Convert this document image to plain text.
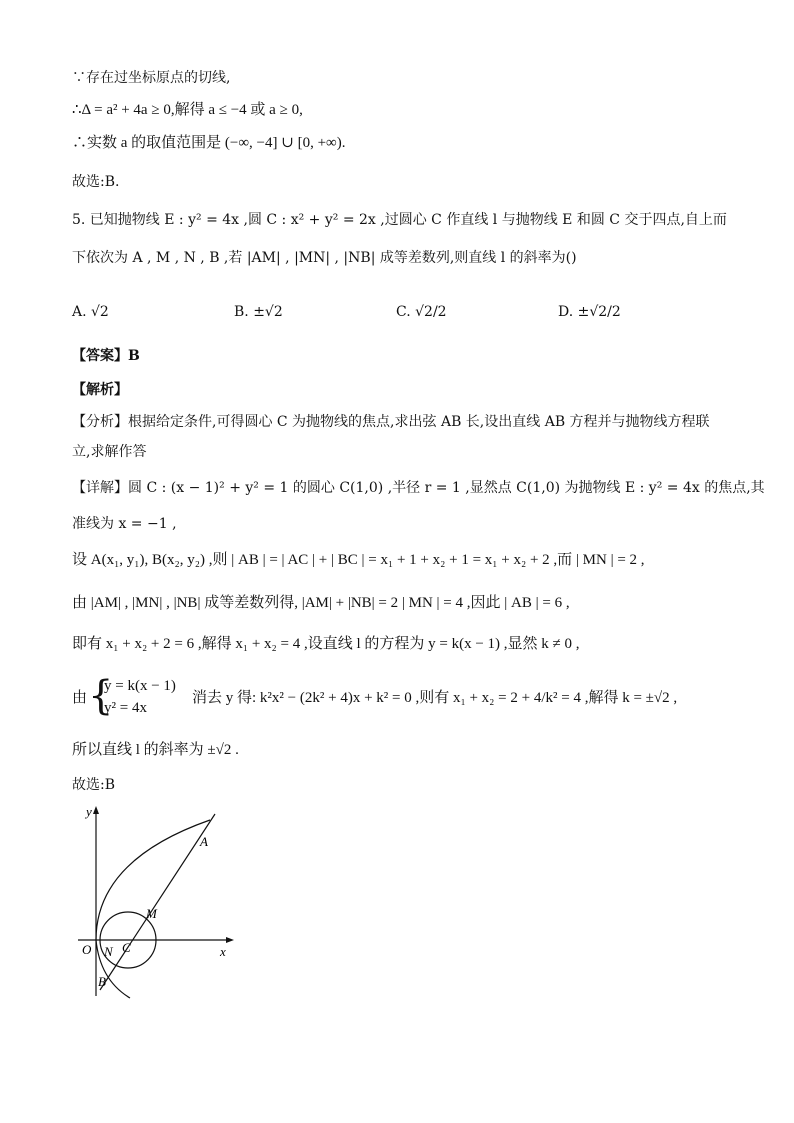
∵存在过坐标原点的切线,
∴Δ = a² + 4a ≥ 0,解得 a ≤ −4 或 a ≥ 0,
∴实数 a 的取值范围是 (−∞, −4] ∪ [0, +∞).
故选:B.
5. 已知抛物线 E : y² = 4x ,圆 C : x² + y² = 2x ,过圆心 C 作直线 l 与抛物线 E 和圆 C 交于四点,自上而
下依次为 A , M , N , B ,若 |AM| , |MN| , |NB| 成等差数列,则直线 l 的斜率为()
A. √2	B. ±√2	C. √2/2	D. ±√2/2
【答案】B
【解析】
【分析】根据给定条件,可得圆心 C 为抛物线的焦点,求出弦 AB 长,设出直线 AB 方程并与抛物线方程联
立,求解作答
【详解】圆 C : (x − 1)² + y² = 1 的圆心 C(1,0) ,半径 r = 1 ,显然点 C(1,0) 为抛物线 E : y² = 4x 的焦点,其
准线为 x = −1 ,
设 A(x₁, y₁), B(x₂, y₂) ,则 | AB | = | AC | + | BC | = x₁ + 1 + x₂ + 1 = x₁ + x₂ + 2 ,而 | MN | = 2 ,
由 |AM| , |MN| , |NB| 成等差数列得, |AM| + |NB| = 2 | MN | = 4 ,因此 | AB | = 6 ,
即有 x₁ + x₂ + 2 = 6 ,解得 x₁ + x₂ = 4 ,设直线 l 的方程为 y = k(x − 1) ,显然 k ≠ 0 ,
由 {
y = k(x − 1)
y² = 4x
消去 y 得: k²x² − (2k² + 4)x + k² = 0 ,则有 x₁ + x₂ = 2 + 4/k² = 4 ,解得 k = ±√2 ,
所以直线 l 的斜率为 ±√2 .
故选:B
y
x
O
A
M
N C
B
